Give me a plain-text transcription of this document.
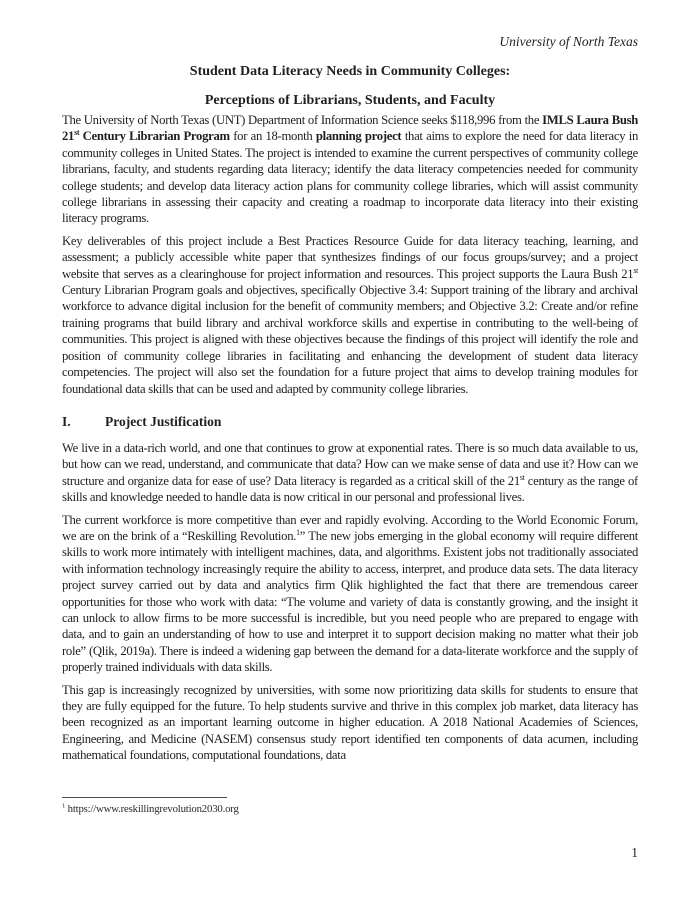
University of North Texas
Student Data Literacy Needs in Community Colleges:
Perceptions of Librarians, Students, and Faculty

The University of North Texas (UNT) Department of Information Science seeks $118,996 from the IMLS Laura Bush 21st Century Librarian Program for an 18-month planning project that aims to explore the need for data literacy in community colleges in United States. The project is intended to examine the current perspectives of community college librarians, faculty, and students regarding data literacy; identify the data literacy competencies needed for community college students; and develop data literacy action plans for community college libraries, which will assist community college librarians in assessing their capacity and creating a roadmap to incorporate data literacy into their existing literacy programs.

Key deliverables of this project include a Best Practices Resource Guide for data literacy teaching, learning, and assessment; a publicly accessible white paper that synthesizes findings of our focus groups/survey; and a project website that serves as a clearinghouse for project information and resources. This project supports the Laura Bush 21st Century Librarian Program goals and objectives, specifically Objective 3.4: Support training of the library and archival workforce to advance digital inclusion for the benefit of community members; and Objective 3.2: Create and/or refine training programs that build library and archival workforce skills and expertise in contributing to the well-being of communities. This project is aligned with these objectives because the findings of this project will identify the role and position of community college libraries in facilitating and enhancing the development of student data literacy competencies. The project will also set the foundation for a future project that aims to develop training modules for foundational data skills that can be used and adapted by community college libraries.

I.	Project Justification

We live in a data-rich world, and one that continues to grow at exponential rates. There is so much data available to us, but how can we read, understand, and communicate that data? How can we make sense of data and use it? How can we structure and organize data for ease of use? Data literacy is regarded as a critical skill of the 21st century as the range of skills and knowledge needed to handle data is now critical in our personal and professional lives.

The current workforce is more competitive than ever and rapidly evolving. According to the World Economic Forum, we are on the brink of a “Reskilling Revolution.$^1$” The new jobs emerging in the global economy will require different skills to work more intimately with intelligent machines, data, and algorithms. Existent jobs not traditionally associated with information technology increasingly require the ability to access, interpret, and produce data sets. The data literacy project survey carried out by data and analytics firm Qlik highlighted the fact that there are tremendous career opportunities for those who work with data: “The volume and variety of data is constantly growing, and the insight it can unlock to allow firms to be more successful is incredible, but you need people who are prepared to engage with data, and to gain an understanding of how to use and interpret it to support decision making no matter what their job role” (Qlik, 2019a). There is indeed a widening gap between the demand for a data-literate workforce and the supply of properly trained individuals with data skills.

This gap is increasingly recognized by universities, with some now prioritizing data skills for students to ensure that they are fully equipped for the future. To help students survive and thrive in this complex job market, data literacy has been recognized as an important learning outcome in higher education. A 2018 National Academies of Sciences, Engineering, and Medicine (NASEM) consensus study report identified ten components of data acumen, including mathematical foundations, computational foundations, data

$^1$ https://www.reskillingrevolution2030.org
1
